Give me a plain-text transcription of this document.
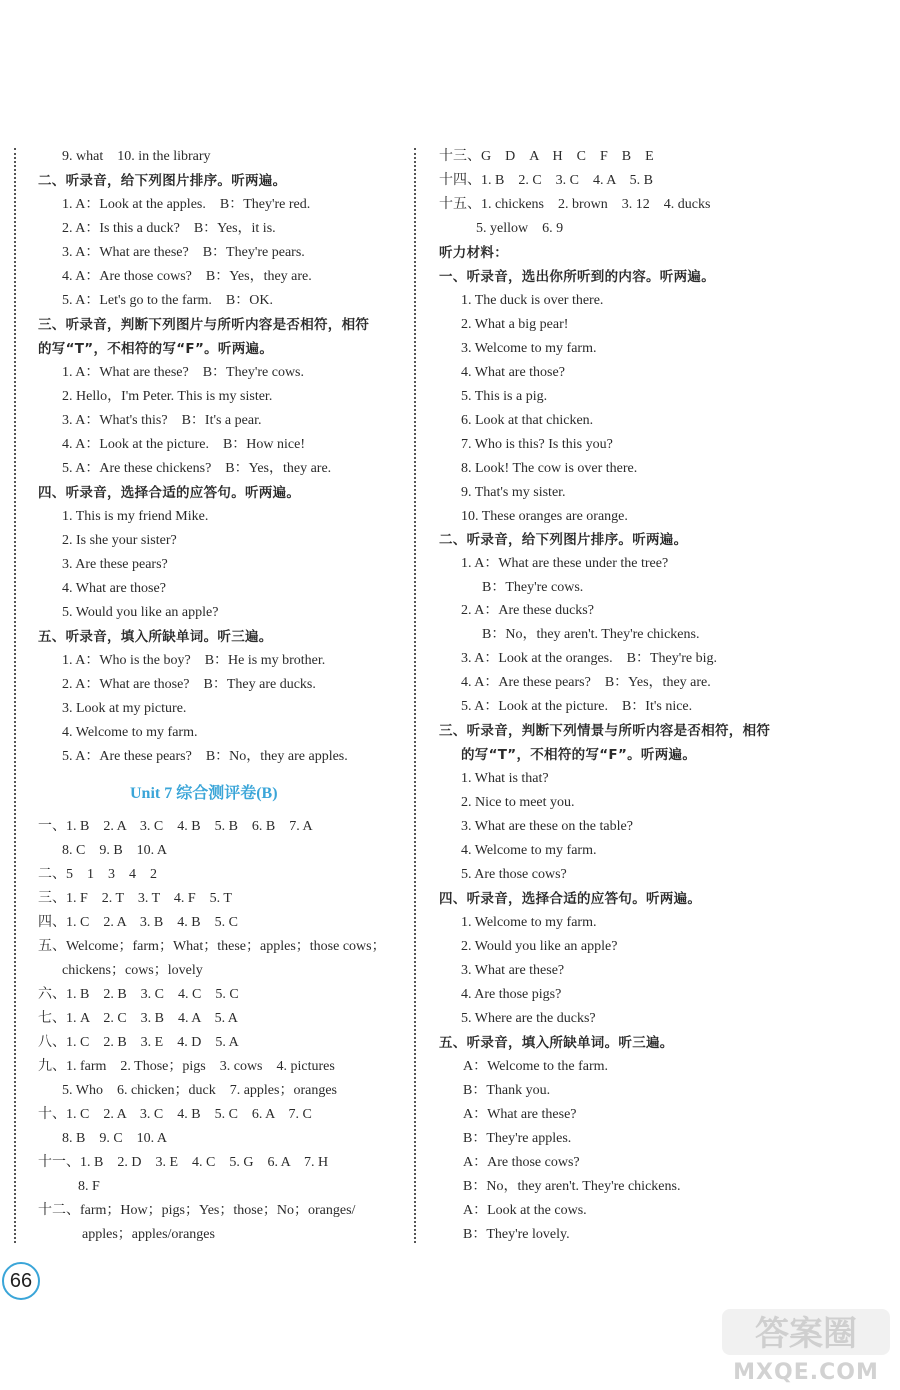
9. what　10. in the library
二、听录音，给下列图片排序。听两遍。
1. A：Look at the apples.　B：They're red.
2. A：Is this a duck?　B：Yes，it is.
3. A：What are these?　B：They're pears.
4. A：Are those cows?　B：Yes，they are.
5. A：Let's go to the farm.　B：OK.
三、听录音，判断下列图片与所听内容是否相符，相符
的写“T”，不相符的写“F”。听两遍。
1. A：What are these?　B：They're cows.
2. Hello，I'm Peter. This is my sister.
3. A：What's this?　B：It's a pear.
4. A：Look at the picture.　B：How nice!
5. A：Are these chickens?　B：Yes，they are.
四、听录音，选择合适的应答句。听两遍。
1. This is my friend Mike.
2. Is she your sister?
3. Are these pears?
4. What are those?
5. Would you like an apple?
五、听录音，填入所缺单词。听三遍。
1. A：Who is the boy?　B：He is my brother.
2. A：What are those?　B：They are ducks.
3. Look at my picture.
4. Welcome to my farm.
5. A：Are these pears?　B：No，they are apples.
Unit 7 综合测评卷(B)
一、1. B　2. A　3. C　4. B　5. B　6. B　7. A
8. C　9. B　10. A
二、5　1　3　4　2
三、1. F　2. T　3. T　4. F　5. T
四、1. C　2. A　3. B　4. B　5. C
五、Welcome；farm；What；these；apples；those cows；
chickens；cows；lovely
六、1. B　2. B　3. C　4. C　5. C
七、1. A　2. C　3. B　4. A　5. A
八、1. C　2. B　3. E　4. D　5. A
九、1. farm　2. Those；pigs　3. cows　4. pictures
5. Who　6. chicken；duck　7. apples；oranges
十、1. C　2. A　3. C　4. B　5. C　6. A　7. C
8. B　9. C　10. A
十一、1. B　2. D　3. E　4. C　5. G　6. A　7. H
8. F
十二、farm；How；pigs；Yes；those；No；oranges/
apples；apples/oranges
十三、G　D　A　H　C　F　B　E
十四、1. B　2. C　3. C　4. A　5. B
十五、1. chickens　2. brown　3. 12　4. ducks
5. yellow　6. 9
听力材料：
一、听录音，选出你所听到的内容。听两遍。
1. The duck is over there.
2. What a big pear!
3. Welcome to my farm.
4. What are those?
5. This is a pig.
6. Look at that chicken.
7. Who is this? Is this you?
8. Look! The cow is over there.
9. That's my sister.
10. These oranges are orange.
二、听录音，给下列图片排序。听两遍。
1. A：What are these under the tree?
B：They're cows.
2. A：Are these ducks?
B：No，they aren't. They're chickens.
3. A：Look at the oranges.　B：They're big.
4. A：Are these pears?　B：Yes，they are.
5. A：Look at the picture.　B：It's nice.
三、听录音，判断下列情景与所听内容是否相符，相符
的写“T”，不相符的写“F”。听两遍。
1. What is that?
2. Nice to meet you.
3. What are these on the table?
4. Welcome to my farm.
5. Are those cows?
四、听录音，选择合适的应答句。听两遍。
1. Welcome to my farm.
2. Would you like an apple?
3. What are these?
4. Are those pigs?
5. Where are the ducks?
五、听录音，填入所缺单词。听三遍。
A：Welcome to the farm.
B：Thank you.
A：What are these?
B：They're apples.
A：Are those cows?
B：No，they aren't. They're chickens.
A：Look at the cows.
B：They're lovely.
66
答案圈
MXQE.COM
